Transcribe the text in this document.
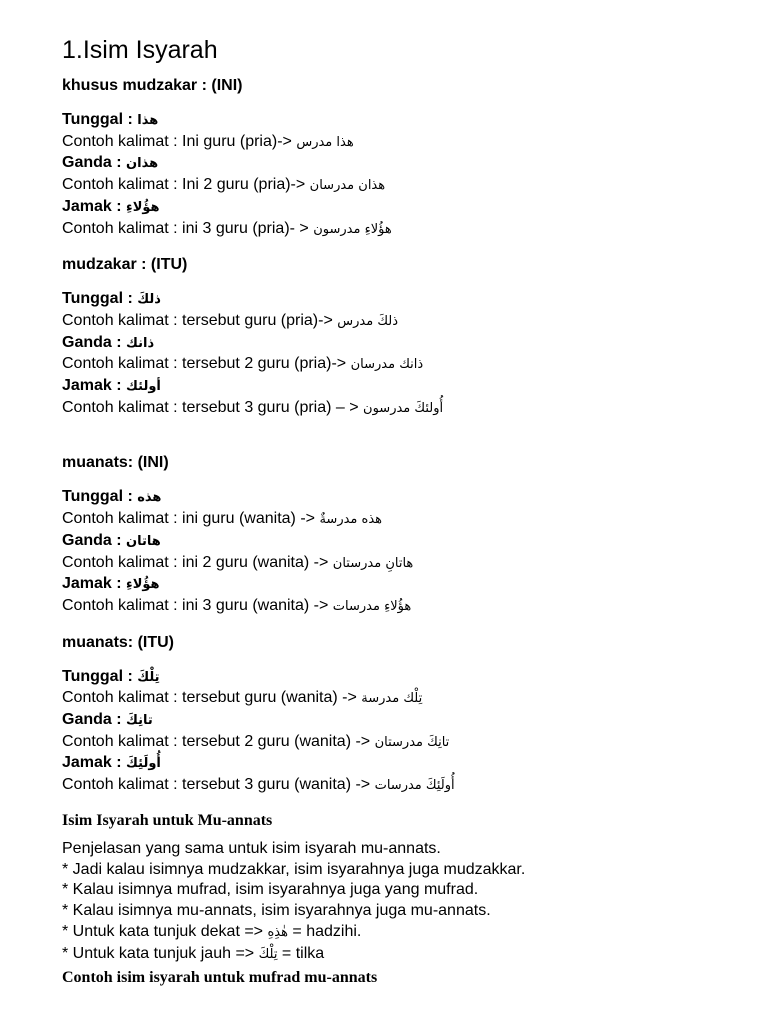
1.Isim Isyarah
khusus mudzakar : (INI)
Tunggal : هذا
Contoh kalimat : Ini guru (pria)-> هذا مدرس
Ganda : هذان
Contoh kalimat : Ini 2 guru (pria)-> هذان مدرسان
Jamak : هؤُلاءِ
Contoh kalimat : ini 3 guru (pria)- > هؤُلاءِ مدرسون
mudzakar : (ITU)
Tunggal : ذلكَ
Contoh kalimat : tersebut guru (pria)-> ذلكَ مدرس
Ganda : ذانك
Contoh kalimat : tersebut 2 guru (pria)-> ذانك مدرسان
Jamak : أولئك
Contoh kalimat : tersebut 3 guru (pria) – > أُولئكَ مدرسون
muanats: (INI)
Tunggal : هذه
Contoh kalimat : ini guru (wanita) -> هذه مدرسةٌ
Ganda : هاتان
Contoh kalimat : ini 2 guru (wanita) -> هاتانِ مدرستان
Jamak : هؤُلاءِ
Contoh kalimat : ini 3 guru (wanita) -> هؤُلاءِ مدرسات
muanats: (ITU)
Tunggal : تِلْكَ
Contoh kalimat : tersebut guru (wanita) -> تِلْك مدرسة
Ganda : تانِكَ
Contoh kalimat : tersebut 2 guru (wanita) -> تانِكَ مدرستان
Jamak : أُولَئِكَ
Contoh kalimat : tersebut 3 guru (wanita) -> أُولَئِكَ مدرسات
Isim Isyarah untuk Mu-annats
Penjelasan yang sama untuk isim isyarah mu-annats.
* Jadi kalau isimnya mudzakkar, isim isyarahnya juga mudzakkar.
* Kalau isimnya mufrad, isim isyarahnya juga yang mufrad.
* Kalau isimnya mu-annats, isim isyarahnya juga mu-annats.
* Untuk kata tunjuk dekat => هٰذِهِ = hadzihi.
* Untuk kata tunjuk jauh => تِلْكَ = tilka
Contoh isim isyarah untuk mufrad mu-annats
